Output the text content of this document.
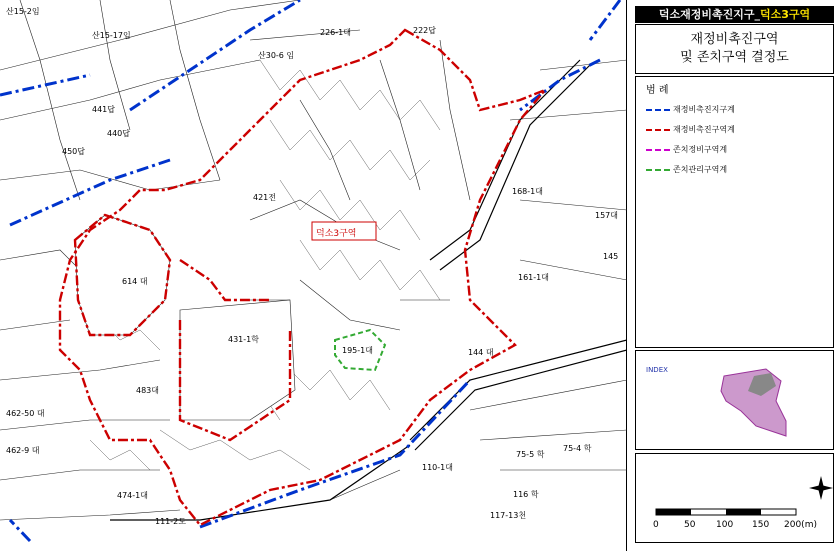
덕소3구역
614 대
431-1학
421전
195-1대
168-1대
161-1대
157대
145
110-1대
75-4 학
117-13천
226-1대	222답
산30-6 임
산15-17임
산15-2임
441답
440답
450답
483대
474-1대
462-50 대
462-9 대
144 대
75-5 학
116 학
111-2도
덕소재정비촉진지구_덕소3구역
재정비촉진구역
및 존치구역 결정도
범 례
재정비촉진지구계
재정비촉진구역계
존치정비구역계
존치관리구역계
INDEX
0	50 100 150 200(m)
